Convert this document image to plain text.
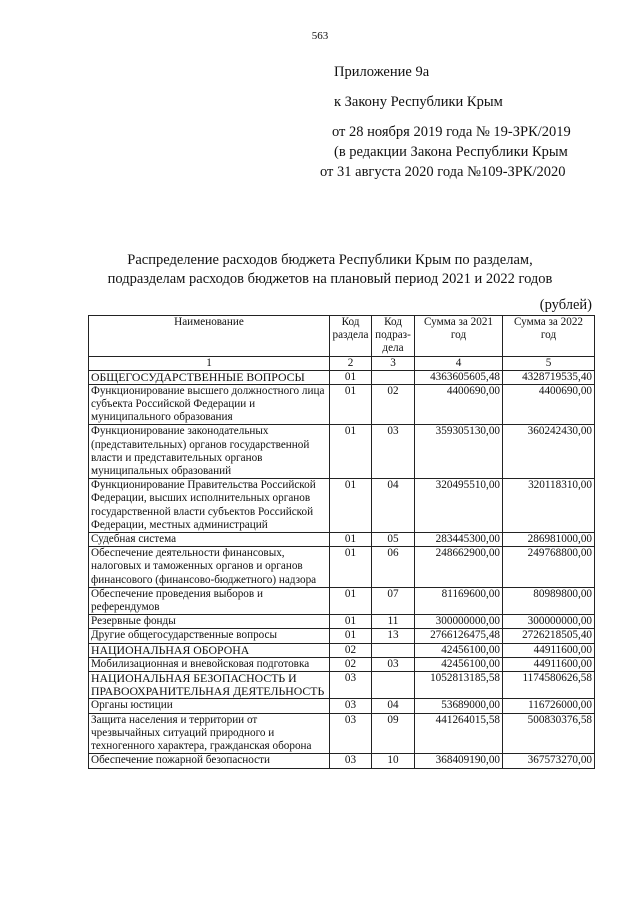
563
Приложение 9а
к Закону Республики Крым
от 28 ноября 2019 года № 19-ЗРК/2019
(в редакции Закона Республики Крым
от 31 августа 2020 года №109-ЗРК/2020
Распределение расходов бюджета Республики Крым по разделам,
подразделам расходов бюджетов на плановый период 2021 и 2022 годов
(рублей)
Наименование	Код раздела	Код подраз-дела	Сумма за 2021 год	Сумма за 2022 год
1	2	3	4	5
ОБЩЕГОСУДАРСТВЕННЫЕ ВОПРОСЫ	01		4363605605,48	4328719535,40
Функционирование высшего должностного лица субъекта Российской Федерации и муниципального образования	01	02	4400690,00	4400690,00
Функционирование законодательных (представительных) органов государственной власти и представительных органов муниципальных образований	01	03	359305130,00	360242430,00
Функционирование Правительства Российской Федерации, высших исполнительных органов государственной власти субъектов Российской Федерации, местных администраций	01	04	320495510,00	320118310,00
Судебная система	01	05	283445300,00	286981000,00
Обеспечение деятельности финансовых, налоговых и таможенных органов и органов финансового (финансово-бюджетного) надзора	01	06	248662900,00	249768800,00
Обеспечение проведения выборов и референдумов	01	07	81169600,00	80989800,00
Резервные фонды	01	11	300000000,00	300000000,00
Другие общегосударственные вопросы	01	13	2766126475,48	2726218505,40
НАЦИОНАЛЬНАЯ ОБОРОНА	02		42456100,00	44911600,00
Мобилизационная и вневойсковая подготовка	02	03	42456100,00	44911600,00
НАЦИОНАЛЬНАЯ БЕЗОПАСНОСТЬ И ПРАВООХРАНИТЕЛЬНАЯ ДЕЯТЕЛЬНОСТЬ	03		1052813185,58	1174580626,58
Органы юстиции	03	04	53689000,00	116726000,00
Защита населения и территории от чрезвычайных ситуаций природного и техногенного характера, гражданская оборона	03	09	441264015,58	500830376,58
Обеспечение пожарной безопасности	03	10	368409190,00	367573270,00
